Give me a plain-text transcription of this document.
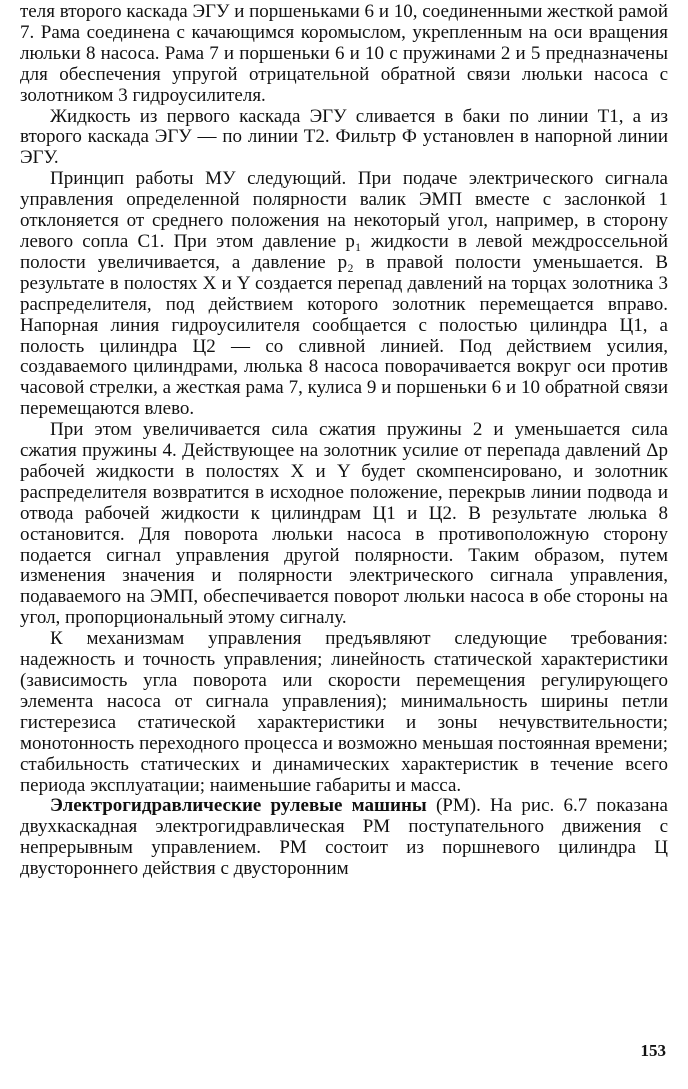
теля второго каскада ЭГУ и поршеньками 6 и 10, соединенными жесткой рамой 7. Рама соединена с качающимся коромыслом, укрепленным на оси вращения люльки 8 насоса. Рама 7 и поршеньки 6 и 10 с пружинами 2 и 5 предназначены для обеспечения упругой отрицательной обратной связи люльки насоса с золотником 3 гидроусилителя.

Жидкость из первого каскада ЭГУ сливается в баки по линии Т1, а из второго каскада ЭГУ — по линии Т2. Фильтр Ф установлен в напорной линии ЭГУ.

Принцип работы МУ следующий. При подаче электрического сигнала управления определенной полярности валик ЭМП вместе с заслонкой 1 отклоняется от среднего положения на некоторый угол, например, в сторону левого сопла С1. При этом давление p₁ жидкости в левой междроссельной полости увеличивается, а давление p₂ в правой полости уменьшается. В результате в полостях X и Y создается перепад давлений на торцах золотника 3 распределителя, под действием которого золотник перемещается вправо. Напорная линия гидроусилителя сообщается с полостью цилиндра Ц1, а полость цилиндра Ц2 — со сливной линией. Под действием усилия, создаваемого цилиндрами, люлька 8 насоса поворачивается вокруг оси против часовой стрелки, а жесткая рама 7, кулиса 9 и поршеньки 6 и 10 обратной связи перемещаются влево.

При этом увеличивается сила сжатия пружины 2 и уменьшается сила сжатия пружины 4. Действующее на золотник усилие от перепада давлений Δp рабочей жидкости в полостях X и Y будет скомпенсировано, и золотник распределителя возвратится в исходное положение, перекрыв линии подвода и отвода рабочей жидкости к цилиндрам Ц1 и Ц2. В результате люлька 8 остановится. Для поворота люльки насоса в противоположную сторону подается сигнал управления другой полярности. Таким образом, путем изменения значения и полярности электрического сигнала управления, подаваемого на ЭМП, обеспечивается поворот люльки насоса в обе стороны на угол, пропорциональный этому сигналу.

К механизмам управления предъявляют следующие требования: надежность и точность управления; линейность статической характеристики (зависимость угла поворота или скорости перемещения регулирующего элемента насоса от сигнала управления); минимальность ширины петли гистерезиса статической характеристики и зоны нечувствительности; монотонность переходного процесса и возможно меньшая постоянная времени; стабильность статических и динамических характеристик в течение всего периода эксплуатации; наименьшие габариты и масса.

Электрогидравлические рулевые машины (РМ). На рис. 6.7 показана двухкаскадная электрогидравлическая РМ поступательного движения с непрерывным управлением. РМ состоит из поршневого цилиндра Ц двустороннего действия с двусторонним

153
